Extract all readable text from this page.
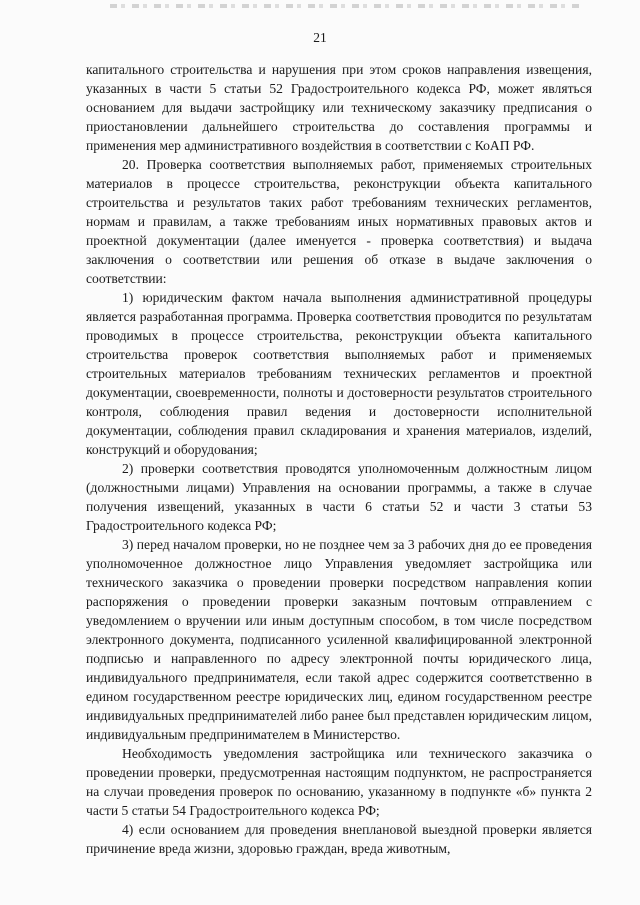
21

капитального строительства и нарушения при этом сроков направления извещения, указанных в части 5 статьи 52 Градостроительного кодекса РФ, может являться основанием для выдачи застройщику или техническому заказчику предписания о приостановлении дальнейшего строительства до составления программы и применения мер административного воздействия в соответствии с КоАП РФ.

20. Проверка соответствия выполняемых работ, применяемых строительных материалов в процессе строительства, реконструкции объекта капитального строительства и результатов таких работ требованиям технических регламентов, нормам и правилам, а также требованиям иных нормативных правовых актов и проектной документации (далее именуется - проверка соответствия) и выдача заключения о соответствии или решения об отказе в выдаче заключения о соответствии:

1) юридическим фактом начала выполнения административной процедуры является разработанная программа. Проверка соответствия проводится по результатам проводимых в процессе строительства, реконструкции объекта капитального строительства проверок соответствия выполняемых работ и применяемых строительных материалов требованиям технических регламентов и проектной документации, своевременности, полноты и достоверности результатов строительного контроля, соблюдения правил ведения и достоверности исполнительной документации, соблюдения правил складирования и хранения материалов, изделий, конструкций и оборудования;

2) проверки соответствия проводятся уполномоченным должностным лицом (должностными лицами) Управления на основании программы, а также в случае получения извещений, указанных в части 6 статьи 52 и части 3 статьи 53 Градостроительного кодекса РФ;

3) перед началом проверки, но не позднее чем за 3 рабочих дня до ее проведения уполномоченное должностное лицо Управления уведомляет застройщика или технического заказчика о проведении проверки посредством направления копии распоряжения о проведении проверки заказным почтовым отправлением с уведомлением о вручении или иным доступным способом, в том числе посредством электронного документа, подписанного усиленной квалифицированной электронной подписью и направленного по адресу электронной почты юридического лица, индивидуального предпринимателя, если такой адрес содержится соответственно в едином государственном реестре юридических лиц, едином государственном реестре индивидуальных предпринимателей либо ранее был представлен юридическим лицом, индивидуальным предпринимателем в Министерство.

Необходимость уведомления застройщика или технического заказчика о проведении проверки, предусмотренная настоящим подпунктом, не распространяется на случаи проведения проверок по основанию, указанному в подпункте «б» пункта 2 части 5 статьи 54 Градостроительного кодекса РФ;

4) если основанием для проведения внеплановой выездной проверки является причинение вреда жизни, здоровью граждан, вреда животным,
